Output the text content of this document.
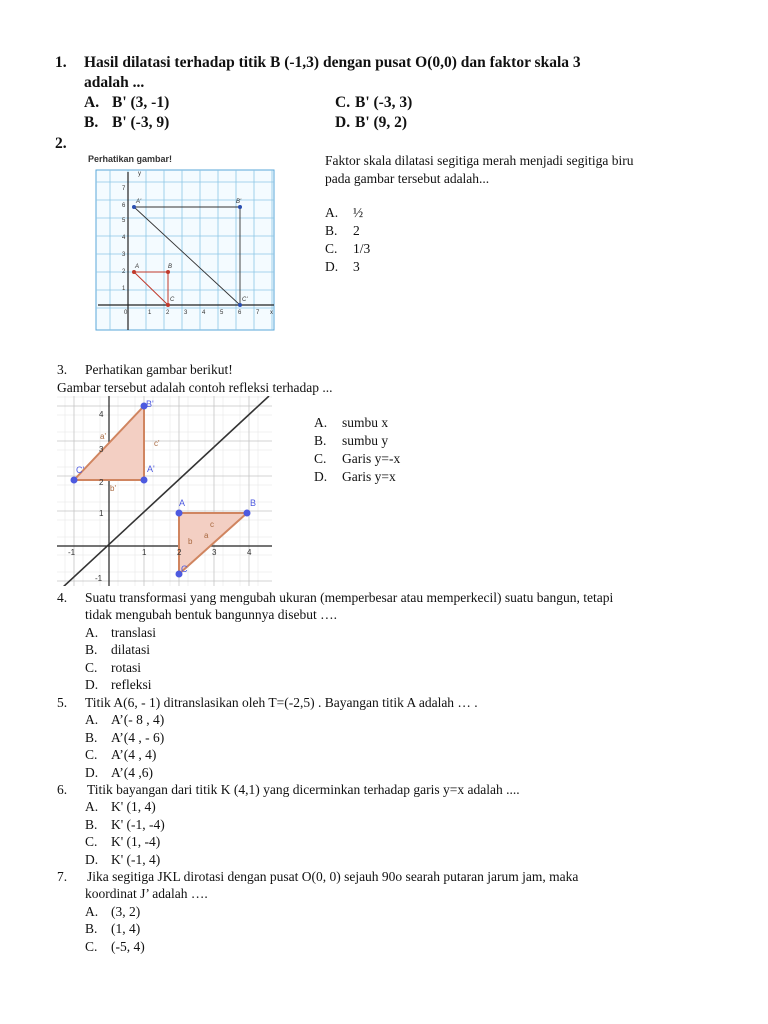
1. Hasil dilatasi terhadap titik B (-1,3) dengan pusat O(0,0) dan faktor skala 3
adalah ...
A. B' (3, -1)
B. B' (-3, 9)
C. B' (-3, 3)
D. B' (9, 2)
2.
Perhatikan gambar!
y
x
0	1 2 3 4 5 6 7
1
2
3
4
5
6
7
A'	B'
C'
A	B
C
Faktor skala dilatasi segitiga merah menjadi segitiga biru
pada gambar tersebut adalah...
A. ½
B. 2
C. 1/3
D. 3
3. Perhatikan gambar berikut!
Gambar tersebut adalah contoh refleksi terhadap ...
-1	1	2	3	4
4
3
2
1
-1
B'
A'
C'
A	B
C
a'
c'
b'
c
a
b
A. sumbu x
B. sumbu y
C. Garis y=-x
D. Garis y=x
4. Suatu transformasi yang mengubah ukuran (memperbesar atau memperkecil) suatu bangun, tetapi
tidak mengubah bentuk bangunnya disebut ….
A. translasi
B. dilatasi
C. rotasi
D. refleksi
5. Titik A(6, - 1) ditranslasikan oleh T=(-2,5) . Bayangan titik A adalah … .
A. A’(- 8 , 4)
B. A’(4 , - 6)
C. A’(4 , 4)
D. A’(4 ,6)
6. Titik bayangan dari titik K (4,1) yang dicerminkan terhadap garis y=x adalah ....
A. K' (1, 4)
B. K' (-1, -4)
C. K' (1, -4)
D. K' (-1, 4)
7. Jika segitiga JKL dirotasi dengan pusat O(0, 0) sejauh 90o searah putaran jarum jam, maka
koordinat J’ adalah ….
A. (3, 2)
B. (1, 4)
C. (-5, 4)
